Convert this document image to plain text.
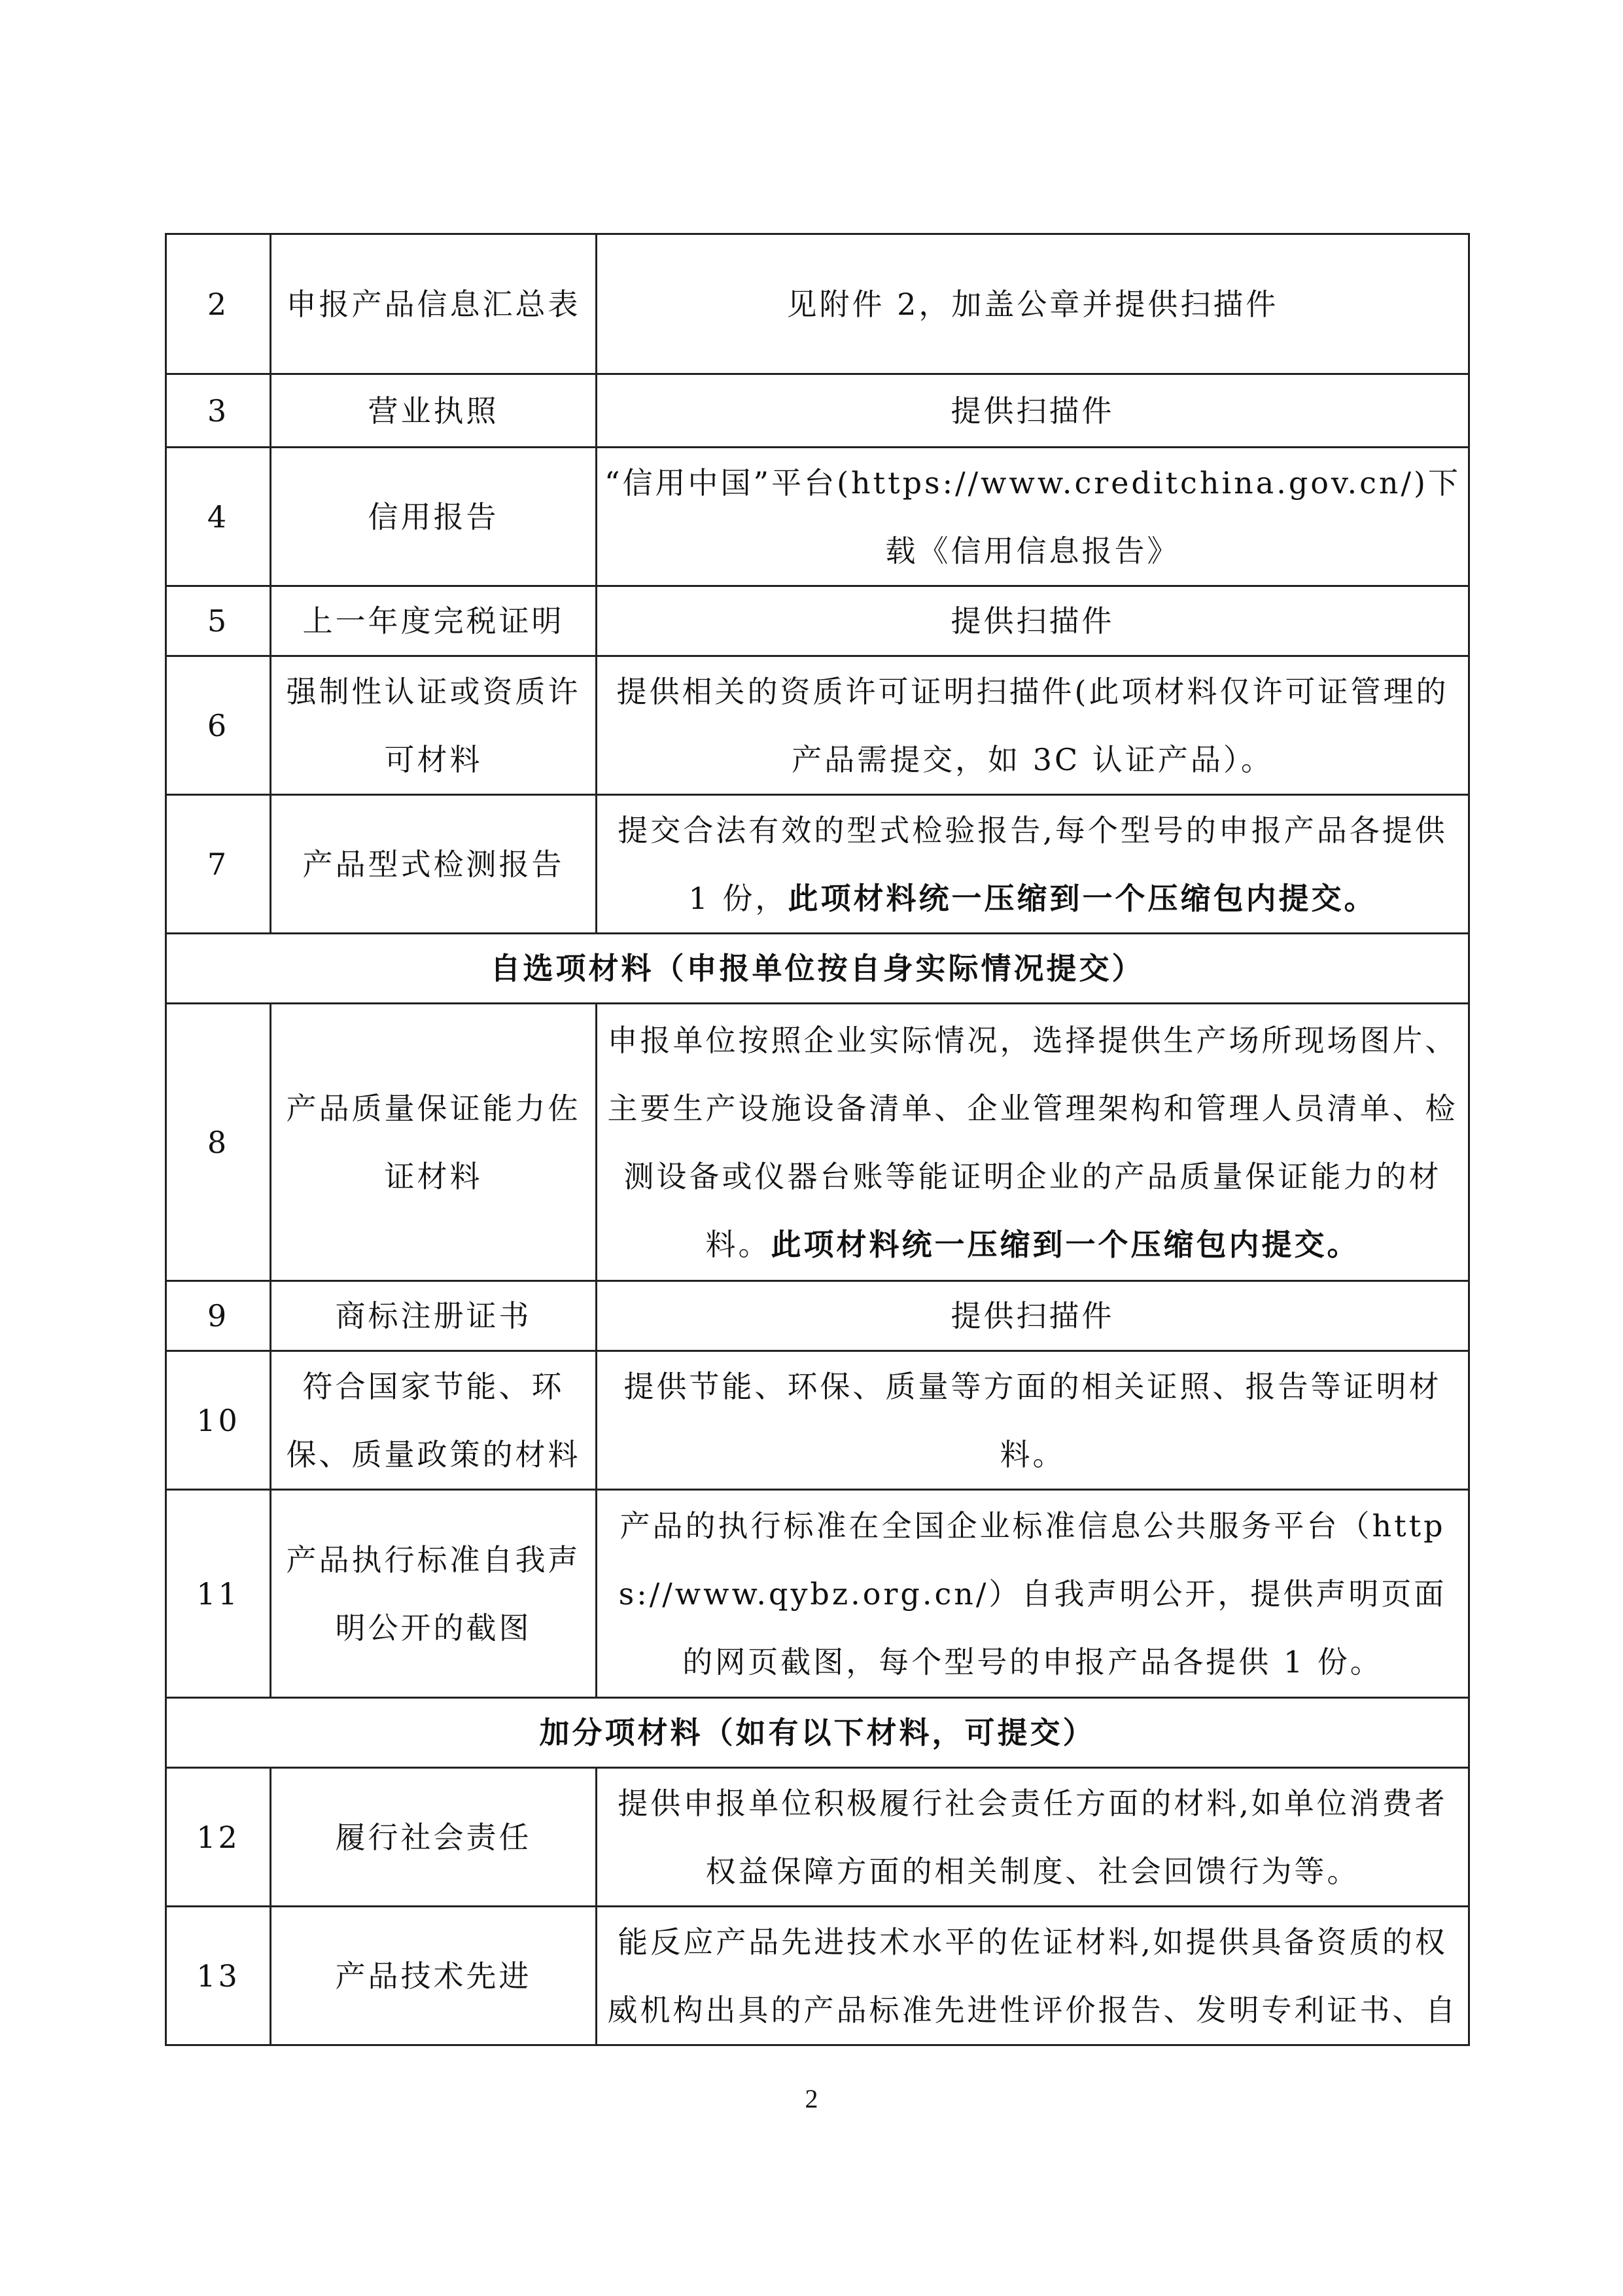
2	申报产品信息汇总表	见附件 2，加盖公章并提供扫描件
3	营业执照	提供扫描件
4	信用报告	“信用中国”平台(https://www.creditchina.gov.cn/)下载《信用信息报告》
5	上一年度完税证明	提供扫描件
6	强制性认证或资质许可材料	提供相关的资质许可证明扫描件(此项材料仅许可证管理的产品需提交，如 3C 认证产品）。
7	产品型式检测报告	提交合法有效的型式检验报告,每个型号的申报产品各提供 1 份，此项材料统一压缩到一个压缩包内提交。
自选项材料（申报单位按自身实际情况提交）		
8	产品质量保证能力佐证材料	申报单位按照企业实际情况，选择提供生产场所现场图片、主要生产设施设备清单、企业管理架构和管理人员清单、检测设备或仪器台账等能证明企业的产品质量保证能力的材料。此项材料统一压缩到一个压缩包内提交。
9	商标注册证书	提供扫描件
10	符合国家节能、环保、质量政策的材料	提供节能、环保、质量等方面的相关证照、报告等证明材料。
11	产品执行标准自我声明公开的截图	产品的执行标准在全国企业标准信息公共服务平台（https://www.qybz.org.cn/）自我声明公开，提供声明页面的网页截图，每个型号的申报产品各提供 1 份。
加分项材料（如有以下材料，可提交）		
12	履行社会责任	提供申报单位积极履行社会责任方面的材料,如单位消费者权益保障方面的相关制度、社会回馈行为等。
13	产品技术先进	能反应产品先进技术水平的佐证材料,如提供具备资质的权威机构出具的产品标准先进性评价报告、发明专利证书、自
2
